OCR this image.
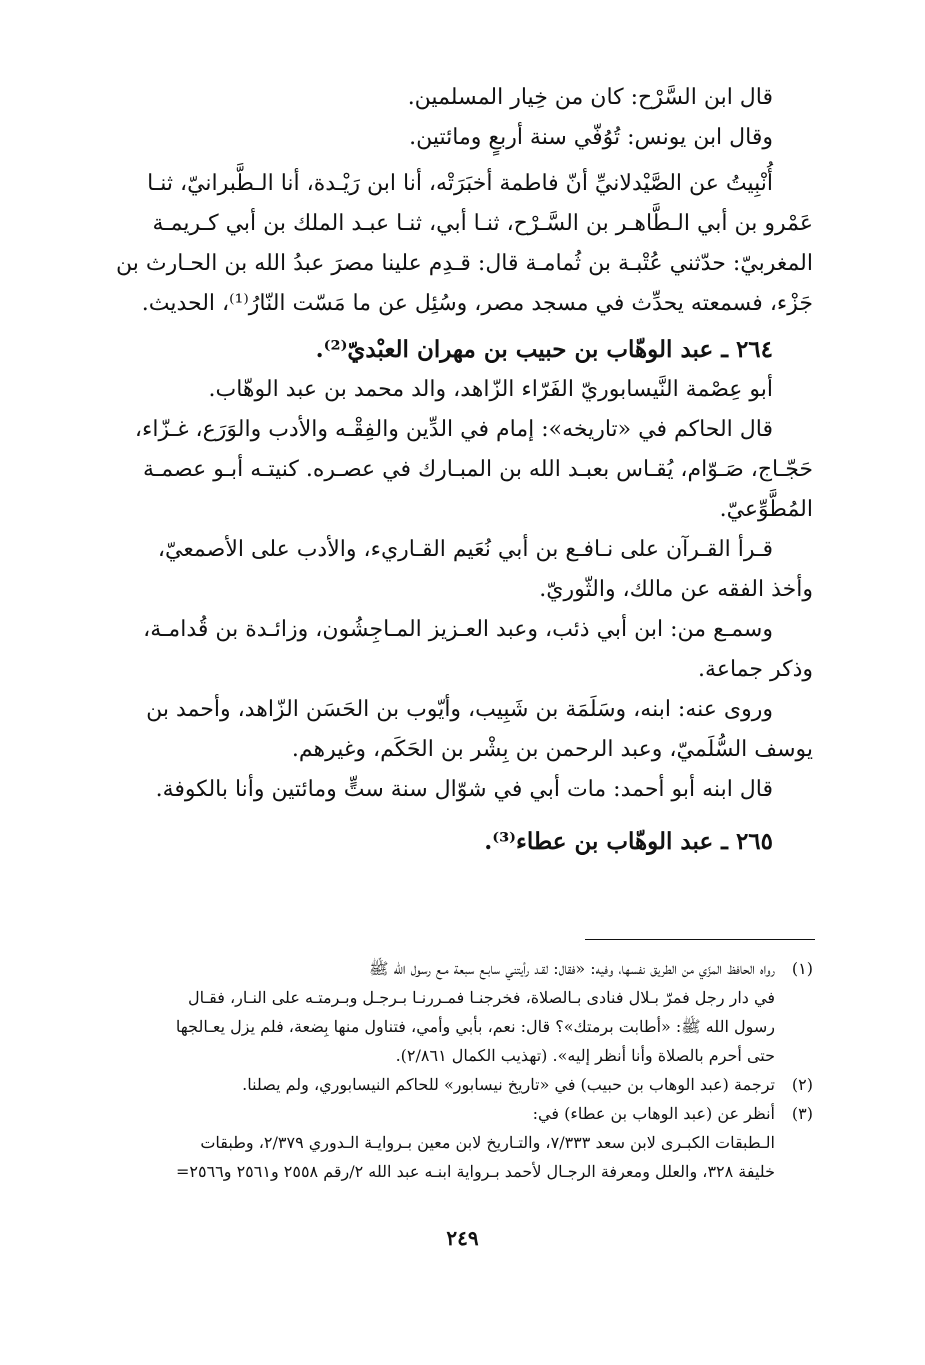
قال ابن السَّرْح: كان من خِيار المسلمين.

وقال ابن يونس: تُوُفّي سنة أربعٍ ومائتين.

أُنْبِيتُ عن الصَّيْدلانيِّ أنّ فاطمة أخبَرَتْه، أنا ابن رَيْـدة، أنا الـطَّبرانيّ، ثنـا

عَمْرو بن أبي الـطَّاهـر بن السَّـرْح، ثنـا أبي، ثنـا عبـد الملك بن أبي كـريمـة

المغربيّ: حدّثني عُتْبـة بن ثُمامـة قال: قـدِم علينا مصرَ عبدُ الله بن الحـارث بن

جَزْء، فسمعته يحدِّث في مسجد مصر، وسُئِل عن ما مَسّت النّارُ⁽¹⁾، الحديث.

٢٦٤ ـ عبد الوهّاب بن حبيب بن مهران العبْديّ⁽²⁾.

أبو عِصْمة النَّيسابوريّ الفَرّاء الزّاهد، والد محمد بن عبد الوهّاب.

قال الحاكم في «تاريخه»: إمام في الدِّين والفِقْـه والأدب والوَرَع، غـزّاء،

حَجّـاج، صَـوّام، يُقـاس بعبـد الله بن المبـارك في عصـره. كنيتـه أبـو عصمـة

المُطَّوِّعيّ.

قـرأ القـرآن على نـافـع بن أبي نُعَيم القـاريء، والأدب على الأصمعيّ،

وأخذ الفقه عن مالك، والثّوريّ.

وسمـع من: ابن أبي ذئب، وعبد العـزيز المـاجِشُون، وزائـدة بن قُدامـة،

وذكر جماعة.

وروى عنه: ابنه، وسَلَمَة بن شَبِيب، وأيّوب بن الحَسَن الزّاهد، وأحمد بن

يوسف السُّلَميّ، وعبد الرحمن بن بِشْر بن الحَكَم، وغيرهم.

قال ابنه أبو أحمد: مات أبي في شوّال سنة ستٍّ ومائتين وأنا بالكوفة.

٢٦٥ ـ عبد الوهّاب بن عطاء⁽³⁾.

(١)

رواه الحافظ المزّي من الطريق نفسها، وفيه: «فقال: لقـد رأيتني سابـع سبعة مـع رسول الله ﷺ

في دار رجل فمرّ بـلال فنادى بـالصلاة، فخرجنـا فمـررنـا بـرجـل وبـرمتـه على النـار، فقـال

رسول الله ﷺ: «أطابت برمتك»؟ قال: نعم، بأبي وأمي، فتناول منها بِضعة، فلم يزل يعـالجها

حتى أحرم بالصلاة وأنا أنظر إليه». (تهذيب الكمال ٢/٨٦١).

(٢)

ترجمة (عبد الوهاب بن حبيب) في «تاريخ نيسابور» للحاكم النيسابوري، ولم يصلنا.

(٣)

أنظر عن (عبد الوهاب بن عطاء) في:

الـطبقات الكبـرى لابن سعد ٧/٣٣٣، والتـاريخ لابن معين بـروايـة الـدوري ٢/٣٧٩، وطبقات

خليفة ٣٢٨، والعلل ومعرفة الرجـال لأحمد بـرواية ابنـه عبد الله ٢/رقم ٢٥٥٨ و٢٥٦١ و٢٥٦٦=

٢٤٩
